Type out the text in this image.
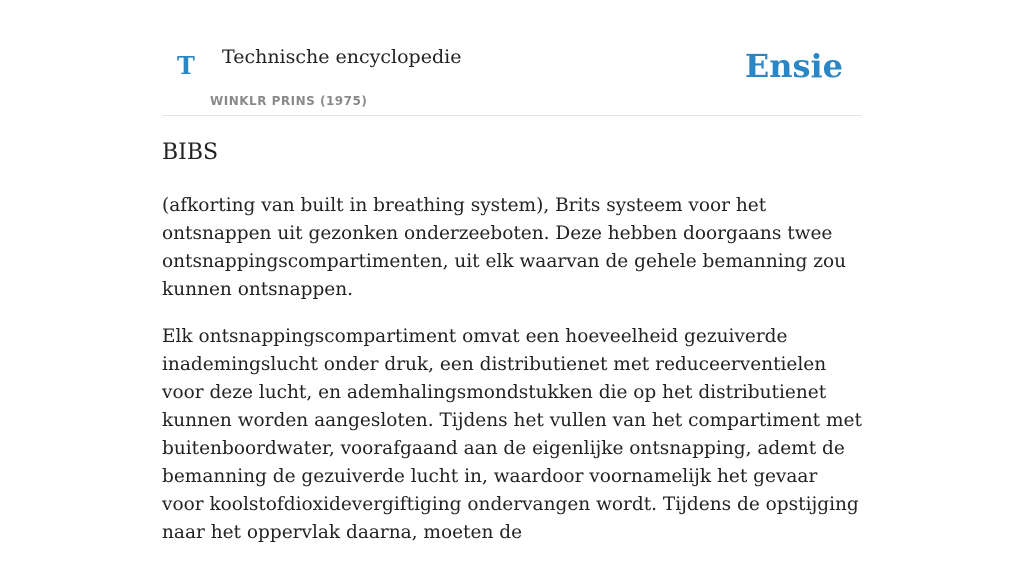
T Technische encyclopedie
WINKLR PRINS (1975)
Ensie
BIBS

(afkorting van built in breathing system), Brits systeem voor het ontsnappen uit gezonken onderzeeboten. Deze hebben doorgaans twee ontsnappingscompartimenten, uit elk waarvan de gehele bemanning zou kunnen ontsnappen.

Elk ontsnappingscompartiment omvat een hoeveelheid gezuiverde inademingslucht onder druk, een distributienet met reduceerventielen voor deze lucht, en ademhalingsmondstukken die op het distributienet kunnen worden aangesloten. Tijdens het vullen van het compartiment met buitenboordwater, voorafgaand aan de eigenlijke ontsnapping, ademt de bemanning de gezuiverde lucht in, waardoor voornamelijk het gevaar voor koolstofdioxidevergiftiging ondervangen wordt. Tijdens de opstijging naar het oppervlak daarna, moeten de
